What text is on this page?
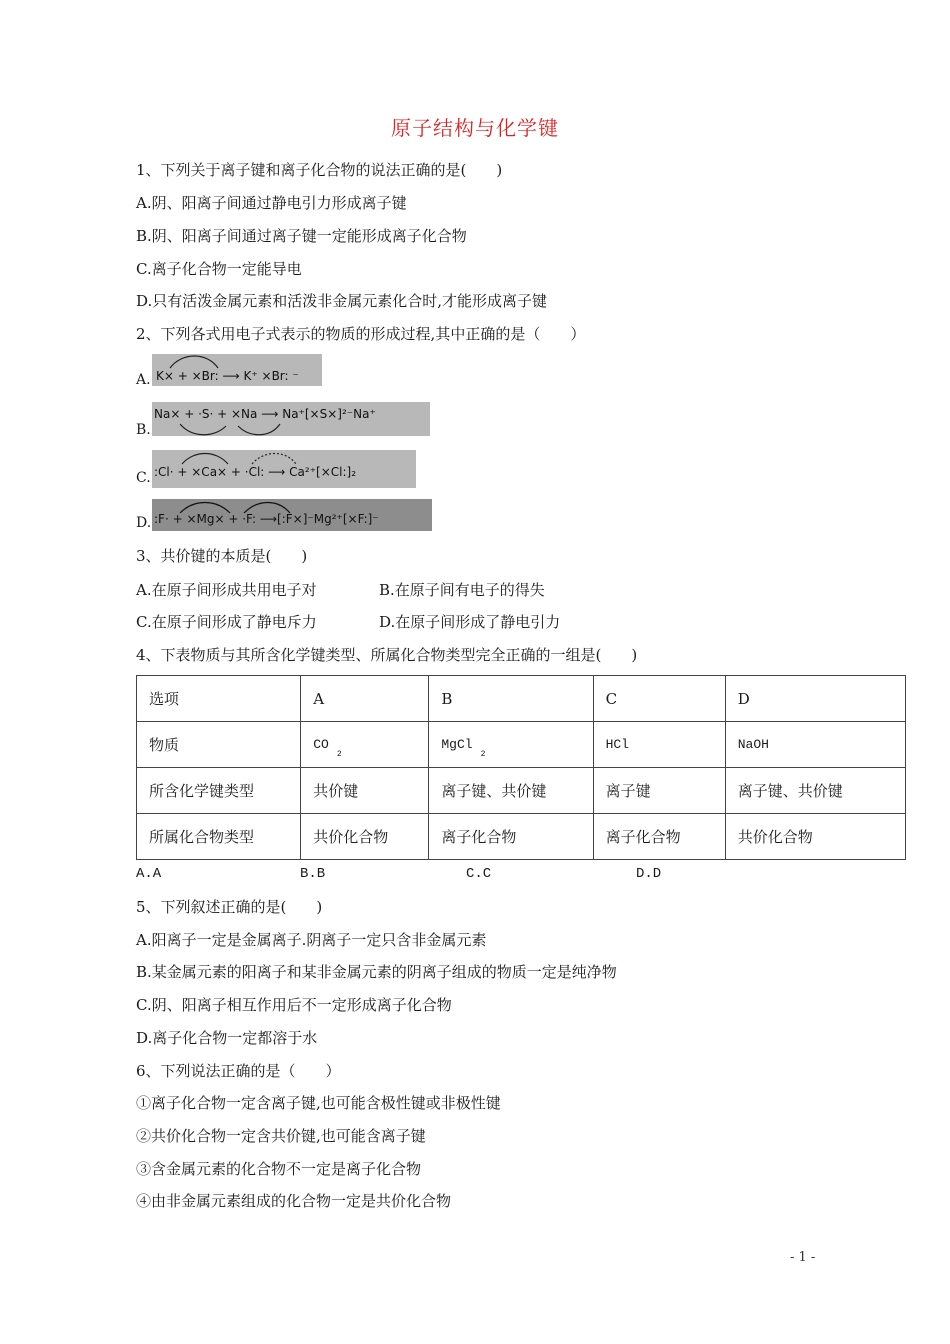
原子结构与化学键
1、下列关于离子键和离子化合物的说法正确的是(　　)
A.阴、阳离子间通过静电引力形成离子键
B.阴、阳离子间通过离子键一定能形成离子化合物
C.离子化合物一定能导电
D.只有活泼金属元素和活泼非金属元素化合时,才能形成离子键
2、下列各式用电子式表示的物质的形成过程,其中正确的是（　　）
A. K× + ×Br: ⟶ K⁺ ×Br: ⁻
B.
Na× + ·S· + ×Na ⟶ Na⁺[×S×]²⁻Na⁺
C. :Cl· + ×Ca× + ·Cl: ⟶ Ca²⁺[×Cl:]₂
D. :F· + ×Mg× + ·F: ⟶[:F×]⁻Mg²⁺[×F:]⁻
3、共价键的本质是(　　)
A.在原子间形成共用电子对	B.在原子间有电子的得失
C.在原子间形成了静电斥力	D.在原子间形成了静电引力
4、下表物质与其所含化学键类型、所属化合物类型完全正确的一组是(　　)
选项	A	B	C	D
物质	$CO_2$	MgCl$_2$	HCl	NaOH
所含化学键类型	共价键	离子键、共价键	离子键	离子键、共价键
所属化合物类型	共价化合物	离子化合物	离子化合物	共价化合物
A.A	B.B	C.C	D.D
5、下列叙述正确的是(　　)
A.阳离子一定是金属离子.阴离子一定只含非金属元素
B.某金属元素的阳离子和某非金属元素的阴离子组成的物质一定是纯净物
C.阴、阳离子相互作用后不一定形成离子化合物
D.离子化合物一定都溶于水
6、下列说法正确的是（　　）
①离子化合物一定含离子键,也可能含极性键或非极性键
②共价化合物一定含共价键,也可能含离子键
③含金属元素的化合物不一定是离子化合物
④由非金属元素组成的化合物一定是共价化合物
- 1 -
